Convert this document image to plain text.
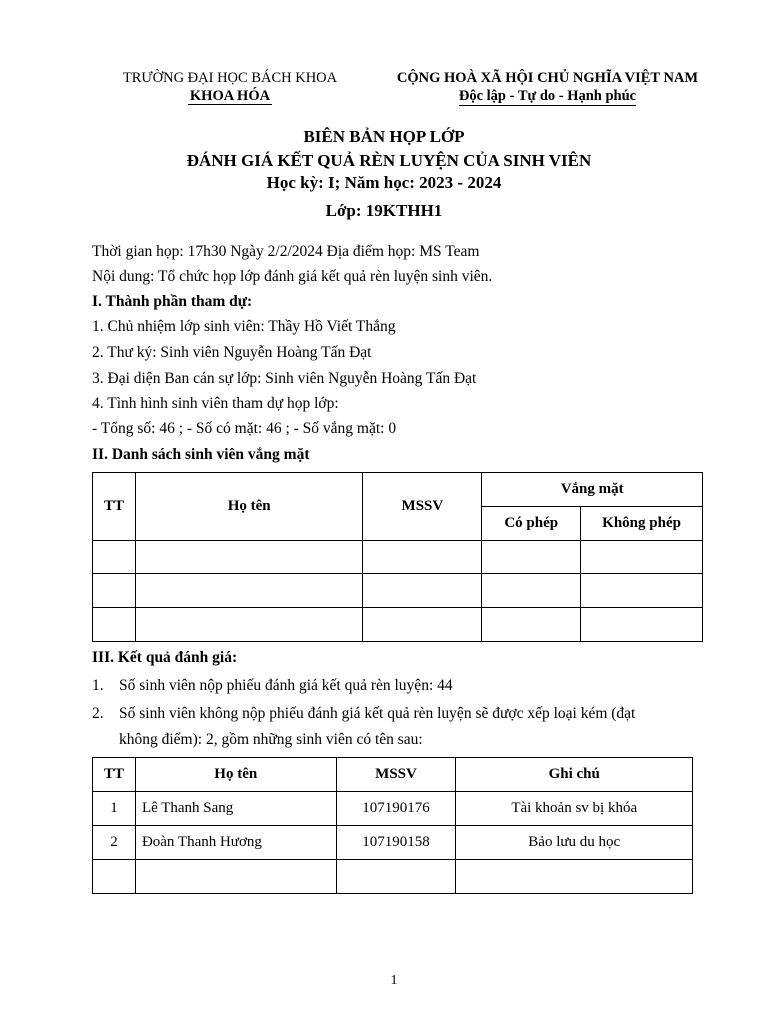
TRƯỜNG ĐẠI HỌC BÁCH KHOA
KHOA HÓA
CỘNG HOÀ XÃ HỘI CHỦ NGHĨA VIỆT NAM
Độc lập - Tự do - Hạnh phúc
BIÊN BẢN HỌP LỚP
ĐÁNH GIÁ KẾT QUẢ RÈN LUYỆN CỦA SINH VIÊN
Học kỳ: I; Năm học: 2023 - 2024
Lớp: 19KTHH1
Thời gian họp: 17h30 Ngày 2/2/2024 Địa điểm họp: MS Team
Nội dung: Tổ chức họp lớp đánh giá kết quả rèn luyện sinh viên.
I. Thành phần tham dự:
1. Chủ nhiệm lớp sinh viên: Thầy Hồ Viết Thắng
2. Thư ký: Sinh viên Nguyễn Hoàng Tấn Đạt
3. Đại diện Ban cán sự lớp: Sinh viên Nguyễn Hoàng Tấn Đạt
4. Tình hình sinh viên tham dự họp lớp:
- Tổng số: 46 ; - Số có mặt: 46 ; - Số vắng mặt: 0
II. Danh sách sinh viên vắng mặt
TT	Họ tên	MSSV	Vắng mặt	
			Có phép	Không phép

III. Kết quả đánh giá:
1. Số sinh viên nộp phiếu đánh giá kết quả rèn luyện: 44
2. Số sinh viên không nộp phiếu đánh giá kết quả rèn luyện sẽ được xếp loại kém (đạt
không điểm): 2, gồm những sinh viên có tên sau:
TT	Họ tên	MSSV	Ghi chú
1	Lê Thanh Sang	107190176	Tài khoản sv bị khóa
2	Đoàn Thanh Hương	107190158	Bảo lưu du học

1
